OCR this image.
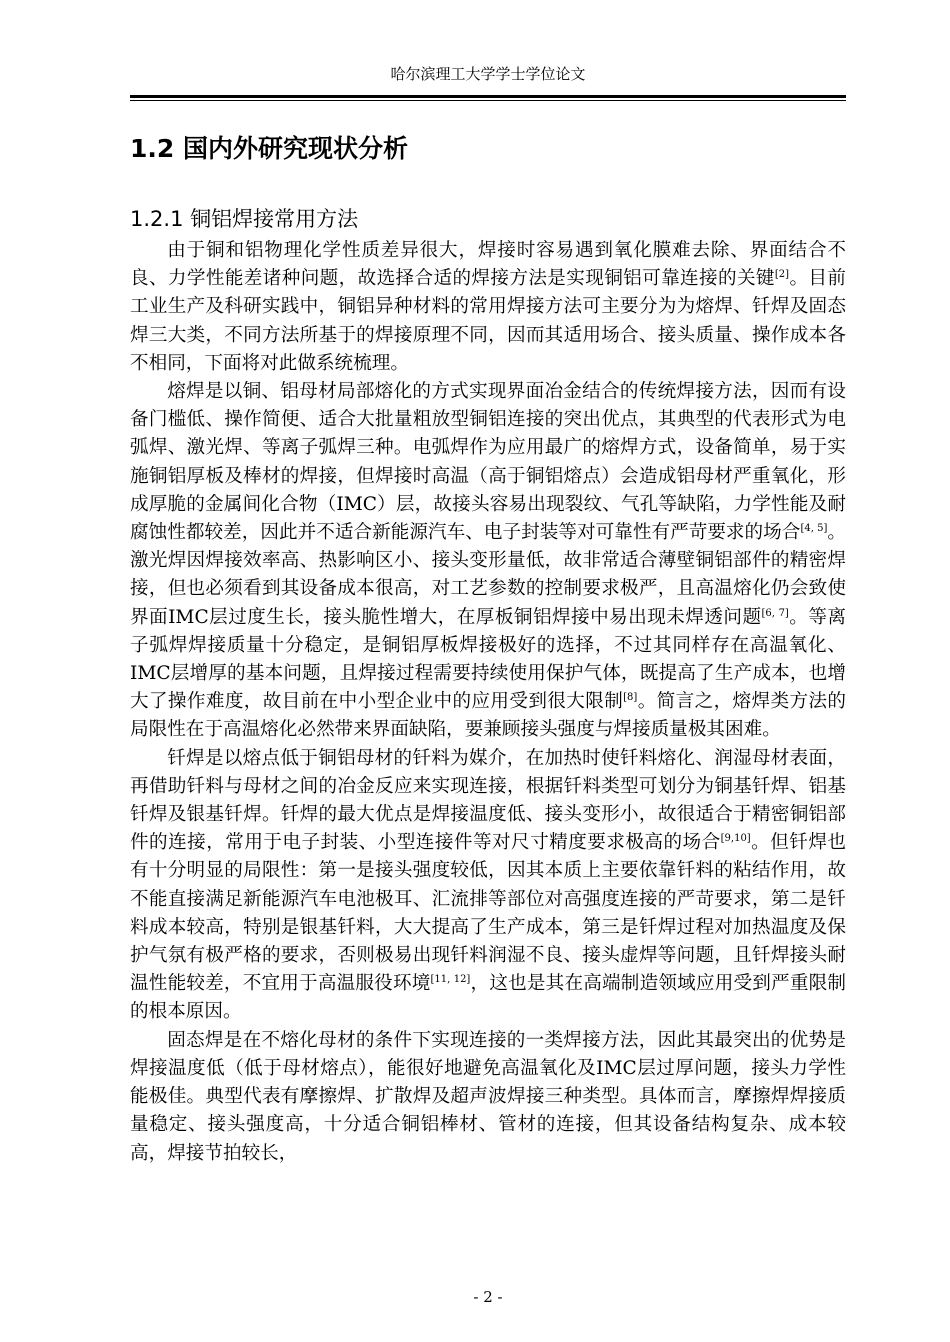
哈尔滨理工大学学士学位论文
1.2 国内外研究现状分析
1.2.1 铜铝焊接常用方法

由于铜和铝物理化学性质差异很大，焊接时容易遇到氧化膜难去除、界面结合不良、力学性能差诸种问题，故选择合适的焊接方法是实现铜铝可靠连接的关键[2]。目前工业生产及科研实践中，铜铝异种材料的常用焊接方法可主要分为为熔焊、钎焊及固态焊三大类，不同方法所基于的焊接原理不同，因而其适用场合、接头质量、操作成本各不相同，下面将对此做系统梳理。

熔焊是以铜、铝母材局部熔化的方式实现界面冶金结合的传统焊接方法，因而有设备门槛低、操作简便、适合大批量粗放型铜铝连接的突出优点，其典型的代表形式为电弧焊、激光焊、等离子弧焊三种。电弧焊作为应用最广的熔焊方式，设备简单，易于实施铜铝厚板及棒材的焊接，但焊接时高温（高于铜铝熔点）会造成铝母材严重氧化，形成厚脆的金属间化合物（IMC）层，故接头容易出现裂纹、气孔等缺陷，力学性能及耐腐蚀性都较差，因此并不适合新能源汽车、电子封装等对可靠性有严苛要求的场合[4, 5]。激光焊因焊接效率高、热影响区小、接头变形量低，故非常适合薄壁铜铝部件的精密焊接，但也必须看到其设备成本很高，对工艺参数的控制要求极严，且高温熔化仍会致使界面IMC层过度生长，接头脆性增大，在厚板铜铝焊接中易出现未焊透问题[6, 7]。等离子弧焊焊接质量十分稳定，是铜铝厚板焊接极好的选择，不过其同样存在高温氧化、IMC层增厚的基本问题，且焊接过程需要持续使用保护气体，既提高了生产成本，也增大了操作难度，故目前在中小型企业中的应用受到很大限制[8]。简言之，熔焊类方法的局限性在于高温熔化必然带来界面缺陷，要兼顾接头强度与焊接质量极其困难。

钎焊是以熔点低于铜铝母材的钎料为媒介，在加热时使钎料熔化、润湿母材表面，再借助钎料与母材之间的冶金反应来实现连接，根据钎料类型可划分为铜基钎焊、铝基钎焊及银基钎焊。钎焊的最大优点是焊接温度低、接头变形小，故很适合于精密铜铝部件的连接，常用于电子封装、小型连接件等对尺寸精度要求极高的场合[9,10]。但钎焊也有十分明显的局限性：第一是接头强度较低，因其本质上主要依靠钎料的粘结作用，故不能直接满足新能源汽车电池极耳、汇流排等部位对高强度连接的严苛要求，第二是钎料成本较高，特别是银基钎料，大大提高了生产成本，第三是钎焊过程对加热温度及保护气氛有极严格的要求，否则极易出现钎料润湿不良、接头虚焊等问题，且钎焊接头耐温性能较差，不宜用于高温服役环境[11, 12]，这也是其在高端制造领域应用受到严重限制的根本原因。

固态焊是在不熔化母材的条件下实现连接的一类焊接方法，因此其最突出的优势是焊接温度低（低于母材熔点），能很好地避免高温氧化及IMC层过厚问题，接头力学性能极佳。典型代表有摩擦焊、扩散焊及超声波焊接三种类型。具体而言，摩擦焊焊接质量稳定、接头强度高，十分适合铜铝棒材、管材的连接，但其设备结构复杂、成本较高，焊接节拍较长，

- 2 -
